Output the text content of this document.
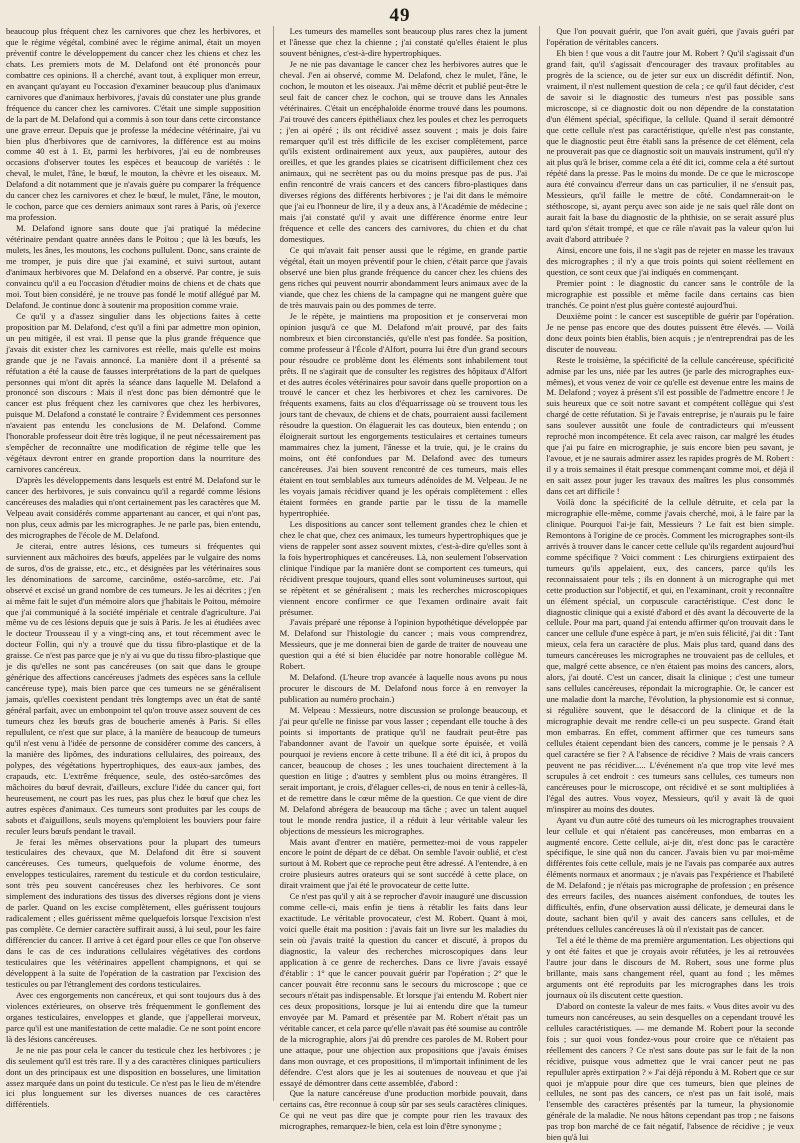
49

beaucoup plus fréquent chez les carnivores que chez les herbivores, et que le régime végétal, combiné avec le régime animal, était un moyen préventif contre le développement du cancer chez les chiens et chez les chats. Les premiers mots de M. Delafond ont été prononcés pour combattre ces opinions. Il a cherché, avant tout, à expliquer mon erreur, en avançant qu'ayant eu l'occasion d'examiner beaucoup plus d'animaux carnivores que d'animaux herbivores, j'avais dû constater une plus grande fréquence du cancer chez les carnivores. C'était une simple supposition de la part de M. Delafond qui a commis à son tour dans cette circonstance une grave erreur. Depuis que je professe la médecine vétérinaire, j'ai vu bien plus d'herbivores que de carnivores, la différence est au moins comme 40 est à 1. Et, parmi les herbivores, j'ai eu de nombreuses occasions d'observer toutes les espèces et beaucoup de variétés : le cheval, le mulet, l'âne, le bœuf, le mouton, la chèvre et les oiseaux. M. Delafond a dit notamment que je n'avais guère pu comparer la fréquence du cancer chez les carnivores et chez le bœuf, le mulet, l'âne, le mouton, le cochon, parce que ces derniers animaux sont rares à Paris, où j'exerce ma profession.

M. Delafond ignore sans doute que j'ai pratiqué la médecine vétérinaire pendant quatre années dans le Poitou ; que là les bœufs, les mulets, les ânes, les moutons, les cochons pullulent. Donc, sans crainte de me tromper, je puis dire que j'ai examiné, et suivi surtout, autant d'animaux herbivores que M. Delafond en a observé. Par contre, je suis convaincu qu'il a eu l'occasion d'étudier moins de chiens et de chats que moi. Tout bien considéré, je ne trouve pas fondé le motif allégué par M. Delafond. Je continue donc à soutenir ma proposition comme vraie.

Ce qu'il y a d'assez singulier dans les objections faites à cette proposition par M. Delafond, c'est qu'il a fini par admettre mon opinion, un peu mitigée, il est vrai. Il pense que la plus grande fréquence que j'avais dit exister chez les carnivores est réelle, mais qu'elle est moins grande que je ne l'avais annoncé. La manière dont il a présenté sa réfutation a été la cause de fausses interprétations de la part de quelques personnes qui m'ont dit après la séance dans laquelle M. Delafond a prononcé son discours : Mais il n'est donc pas bien démontré que le cancer est plus fréquent chez les carnivores que chez les herbivores, puisque M. Delafond a constaté le contraire ? Évidemment ces personnes n'avaient pas entendu les conclusions de M. Delafond. Comme l'honorable professeur doit être très logique, il ne peut nécessairement pas s'empêcher de reconnaître une modification de régime telle que les végétaux devront entrer en grande proportion dans la nourriture des carnivores cancéreux.

D'après les développements dans lesquels est entré M. Delafond sur le cancer des herbivores, je suis convaincu qu'il a regardé comme lésions cancéreuses des maladies qui n'ont certainement pas les caractères que M. Velpeau avait considérés comme appartenant au cancer, et qui n'ont pas, non plus, ceux admis par les micrographes. Je ne parle pas, bien entendu, des micrographes de l'école de M. Delafond.

Je citerai, entre autres lésions, ces tumeurs si fréquentes qui surviennent aux mâchoires des bœufs, appelées par le vulgaire des noms de suros, d'os de graisse, etc., etc., et désignées par les vétérinaires sous les dénominations de sarcome, carcinôme, ostéo-sarcôme, etc. J'ai observé et excisé un grand nombre de ces tumeurs. Je les ai décrites ; j'en ai même fait le sujet d'un mémoire alors que j'habitais le Poitou, mémoire que j'ai communiqué à la société impériale et centrale d'agriculture. J'ai même vu de ces lésions depuis que je suis à Paris. Je les ai étudiées avec le docteur Trousseau il y a vingt-cinq ans, et tout récemment avec le docteur Follin, qui n'y a trouvé que du tissu fibro-plastique et de la graisse. Ce n'est pas parce que je n'y ai vu que du tissu fibro-plastique que je dis qu'elles ne sont pas cancéreuses (on sait que dans le groupe générique des affections cancéreuses j'admets des espèces sans la cellule cancéreuse type), mais bien parce que ces tumeurs ne se généralisent jamais, qu'elles coexistent pendant très longtemps avec un état de santé général parfait, avec un embonpoint tel qu'on trouve assez souvent de ces tumeurs chez les bœufs gras de boucherie amenés à Paris. Si elles repullulent, ce n'est que sur place, à la manière de beaucoup de tumeurs qu'il n'est venu à l'idée de personne de considérer comme des cancers, à la manière des lipômes, des indurations cellulaires, des poireaux, des polypes, des végétations hypertrophiques, des eaux-aux jambes, des crapauds, etc. L'extrême fréquence, seule, des ostéo-sarcômes des mâchoires du bœuf devrait, d'ailleurs, exclure l'idée du cancer qui, fort heureusement, ne court pas les rues, pas plus chez le bœuf que chez les autres espèces d'animaux. Ces tumeurs sont produites par les coups de sabots et d'aiguillons, seuls moyens qu'emploient les bouviers pour faire reculer leurs bœufs pendant le travail.

Je ferai les mêmes observations pour la plupart des tumeurs testiculaires des chevaux, que M. Delafond dit être si souvent cancéreuses. Ces tumeurs, quelquefois de volume énorme, des enveloppes testiculaires, rarement du testicule et du cordon testiculaire, sont très peu souvent cancéreuses chez les herbivores. Ce sont simplement des indurations des tissus des diverses régions dont je viens de parler. Quand on les excise complètement, elles guérissent toujours radicalement ; elles guérissent même quelquefois lorsque l'excision n'est pas complète. Ce dernier caractère suffirait aussi, à lui seul, pour les faire différencier du cancer. Il arrive à cet égard pour elles ce que l'on observe dans le cas de ces indurations cellulaires végétatives des cordons testiculaires que les vétérinaires appellent champignons, et qui se développent à la suite de l'opération de la castration par l'excision des testicules ou par l'étranglement des cordons testiculaires.

Avec ces engorgements non cancéreux, et qui sont toujours dus à des violences extérieures, on observe très fréquemment le gonflement des organes testiculaires, enveloppes et glande, que j'appellerai morveux, parce qu'il est une manifestation de cette maladie. Ce ne sont point encore là des lésions cancéreuses.

Je ne nie pas pour cela le cancer du testicule chez les herbivores ; je dis seulement qu'il est très rare. Il y a des caractères cliniques particuliers dont un des principaux est une disposition en bosselures, une limitation assez marquée dans un point du testicule. Ce n'est pas le lieu de m'étendre ici plus longuement sur les diverses nuances de ces caractères différentiels.

Les tumeurs des mamelles sont beaucoup plus rares chez la jument et l'ânesse que chez la chienne ; j'ai constaté qu'elles étaient le plus souvent bénignes, c'est-à-dire hypertrophiques.

Je ne nie pas davantage le cancer chez les herbivores autres que le cheval. J'en ai observé, comme M. Delafond, chez le mulet, l'âne, le cochon, le mouton et les oiseaux. J'ai même décrit et publié peut-être le seul fait de cancer chez le cochon, qui se trouve dans les Annales vétérinaires. C'était un encéphaloïde énorme trouvé dans les poumons. J'ai trouvé des cancers épithéliaux chez les poules et chez les perroquets ; j'en ai opéré ; ils ont récidivé assez souvent ; mais je dois faire remarquer qu'il est très difficile de les exciser complètement, parce qu'ils existent ordinairement aux yeux, aux paupières, autour des oreilles, et que les grandes plaies se cicatrisent difficilement chez ces animaux, qui ne secrètent pas ou du moins presque pas de pus. J'ai enfin rencontré de vrais cancers et des cancers fibro-plastiques dans diverses régions des différents herbivores ; je l'ai dit dans le mémoire que j'ai eu l'honneur de lire, il y a deux ans, à l'Académie de médecine ; mais j'ai constaté qu'il y avait une différence énorme entre leur fréquence et celle des cancers des carnivores, du chien et du chat domestiques.

Ce qui m'avait fait penser aussi que le régime, en grande partie végétal, était un moyen préventif pour le chien, c'était parce que j'avais observé une bien plus grande fréquence du cancer chez les chiens des gens riches qui peuvent nourrir abondamment leurs animaux avec de la viande, que chez les chiens de la campagne qui ne mangent guère que de très mauvais pain ou des pommes de terre.

Je le répète, je maintiens ma proposition et je conserverai mon opinion jusqu'à ce que M. Delafond m'ait prouvé, par des faits nombreux et bien circonstanciés, qu'elle n'est pas fondée. Sa position, comme professeur à l'École d'Alfort, pourra lui être d'un grand secours pour résoudre ce problème dont les éléments sont inhabilement tout prêts. Il ne s'agirait que de consulter les registres des hôpitaux d'Alfort et des autres écoles vétérinaires pour savoir dans quelle proportion on a trouvé le cancer et chez les herbivores et chez les carnivores. De fréquents examens, faits au clos d'équarrissage où se trouvent tous les jours tant de chevaux, de chiens et de chats, pourraient aussi facilement résoudre la question. On élaguerait les cas douteux, bien entendu ; on éloignerait surtout les engorgements testiculaires et certaines tumeurs mammaires chez la jument, l'ânesse et la truie, qui, je le crains du moins, ont été confondues par M. Delafond avec des tumeurs cancéreuses. J'ai bien souvent rencontré de ces tumeurs, mais elles étaient en tout semblables aux tumeurs adénoïdes de M. Velpeau. Je ne les voyais jamais récidiver quand je les opérais complètement : elles étaient formées en grande partie par le tissu de la mamelle hypertrophiée.

Les dispositions au cancer sont tellement grandes chez le chien et chez le chat que, chez ces animaux, les tumeurs hypertrophiques que je viens de rappeler sont assez souvent mixtes, c'est-à-dire qu'elles sont à la fois hypertrophiques et cancéreuses. Là, non seulement l'observation clinique l'indique par la manière dont se comportent ces tumeurs, qui récidivent presque toujours, quand elles sont volumineuses surtout, qui se répètent et se généralisent ; mais les recherches microscopiques viennent encore confirmer ce que l'examen ordinaire avait fait présumer.

J'avais préparé une réponse à l'opinion hypothétique développée par M. Delafond sur l'histologie du cancer ; mais vous comprendrez, Messieurs, que je me donnerai bien de garde de traiter de nouveau une question qui a été si bien élucidée par notre honorable collègue M. Robert.

M. Delafond. (L'heure trop avancée à laquelle nous avons pu nous procurer le discours de M. Delafond nous force à en renvoyer la publication au numéro prochain.)

M. Velpeau : Messieurs, notre discussion se prolonge beaucoup, et j'ai peur qu'elle ne finisse par vous lasser ; cependant elle touche à des points si importants de pratique qu'il ne faudrait peut-être pas l'abandonner avant de l'avoir un quelque sorte épuisée, et voilà pourquoi je reviens encore à cette tribune. Il a été dit ici, à propos du cancer, beaucoup de choses ; les unes touchaient directement à la question en litige ; d'autres y semblent plus ou moins étrangères. Il serait important, je crois, d'élaguer celles-ci, de nous en tenir à celles-là, et de remettre dans le cœur même de la question. Ce que vient de dire M. Delafond abrégera de beaucoup ma tâche ; avec un talent auquel tout le monde rendra justice, il a réduit à leur véritable valeur les objections de messieurs les micrographes.

Mais avant d'entrer en matière, permettez-moi de vous rappeler encore le point de départ de ce débat. On semble l'avoir oublié, et c'est surtout à M. Robert que ce reproche peut être adressé. A l'entendre, à en croire plusieurs autres orateurs qui se sont succédé à cette place, on dirait vraiment que j'ai été le provocateur de cette lutte.

Ce n'est pas qu'il y ait à se reprocher d'avoir inauguré une discussion comme celle-ci, mais enfin je tiens à rétablir les faits dans leur exactitude. Le véritable provocateur, c'est M. Robert. Quant à moi, voici quelle était ma position : j'avais fait un livre sur les maladies du sein où j'avais traité la question du cancer et discuté, à propos du diagnostic, la valeur des recherches microscopiques dans leur application à ce genre de recherches. Dans ce livre j'avais essayé d'établir : 1° que le cancer pouvait guérir par l'opération ; 2° que le cancer pouvait être reconnu sans le secours du microscope ; que ce secours n'était pas indispensable. Et lorsque j'ai entendu M. Robert nier ces deux propositions, lorsque je lui ai entendu dire que la tumeur envoyée par M. Pamard et présentée par M. Robert n'était pas un véritable cancer, et cela parce qu'elle n'avait pas été soumise au contrôle de la micrographie, alors j'ai dû prendre ces paroles de M. Robert pour une attaque, pour une objection aux propositions que j'avais émises dans mon ouvrage, et ces propositions, il m'importait infiniment de les défendre. C'est alors que je les ai soutenues de nouveau et que j'ai essayé de démontrer dans cette assemblée, d'abord :

Que la nature cancéreuse d'une production morbide pouvait, dans certains cas, être reconnue à coup sûr par ses seuls caractères cliniques. Ce qui ne veut pas dire que je compte pour rien les travaux des micrographes, remarquez-le bien, cela est loin d'être synonyme ;

Que l'on pouvait guérir, que l'on avait guéri, que j'avais guéri par l'opération de véritables cancers.

Eh bien ! que vous a dit l'autre jour M. Robert ? Qu'il s'agissait d'un grand fait, qu'il s'agissait d'encourager des travaux profitables au progrès de la science, ou de jeter sur eux un discrédit défintif. Non, vraiment, il n'est nullement question de cela ; ce qu'il faut décider, c'est de savoir si le diagnostic des tumeurs n'est pas possible sans microscope, si ce diagnostic doit ou non dépendre de la constatation d'un élément spécial, spécifique, la cellule. Quand il serait démontré que cette cellule n'est pas caractéristique, qu'elle n'est pas constante, que le diagnostic peut être établi sans la présence de cet élément, cela ne prouverait pas que ce diagnostic soit un mauvais instrument, qu'il n'y ait plus qu'à le briser, comme cela a été dit ici, comme cela a été surtout répété dans la presse. Pas le moins du monde. De ce que le microscope aura été convaincu d'erreur dans un cas particulier, il ne s'ensuit pas, Messieurs, qu'il faille le mettre de côté. Condamnerait-on le stéthoscope, si, ayant perçu avec son aide je ne sais quel râle dont on aurait fait la base du diagnostic de la phthisie, on se serait assuré plus tard qu'on s'était trompé, et que ce râle n'avait pas la valeur qu'on lui avait d'abord attribuée ?

Ainsi, encore une fois, il ne s'agit pas de rejeter en masse les travaux des micrographes ; il n'y a que trois points qui soient réellement en question, ce sont ceux que j'ai indiqués en commençant.

Premier point : le diagnostic du cancer sans le contrôle de la micrographie est possible et même facile dans certains cas bien tranchés. Ce point n'est plus guère contesté aujourd'hui.

Deuxième point : le cancer est susceptible de guérir par l'opération. Je ne pense pas encore que des doutes puissent être élevés. — Voilà donc deux points bien établis, bien acquis ; je n'entreprendrai pas de les discuter de nouveau.

Reste le troisième, la spécificité de la cellule cancéreuse, spécificité admise par les uns, niée par les autres (je parle des micrographes eux-mêmes), et vous venez de voir ce qu'elle est devenue entre les mains de M. Delafond ; voyez à présent s'il est possible de l'admettre encore ! Je suis heureux que ce soit notre savant et compétent collègue qui s'est chargé de cette réfutation. Si je l'avais entreprise, je n'aurais pu le faire sans soulever aussitôt une foule de contradicteurs qui m'eussent reproché mon incompétence. Et cela avec raison, car malgré les études que j'ai pu faire en micrographie, je suis encore bien peu savant, je l'avoue, et je ne saurais admirer assez les rapides progrès de M. Robert : il y a trois semaines il était presque commençant comme moi, et déjà il en sait assez pour juger les travaux des maîtres les plus consommés dans cet art difficile !

Voilà donc la spécificité de la cellule détruite, et cela par la micrographie elle-même, comme j'avais cherché, moi, à le faire par la clinique. Pourquoi l'ai-je fait, Messieurs ? Le fait est bien simple. Remontons à l'origine de ce procès. Comment les micrographes sont-ils arrivés à trouver dans le cancer cette cellule qu'ils regardent aujourd'hui comme spécifique ? Voici comment : Les chirurgiens extirpaient des tumeurs qu'ils appelaient, eux, des cancers, parce qu'ils les reconnaissaient pour tels ; ils en donnent à un micrographe qui met cette production sur l'objectif, et qui, en l'examinant, croit y reconnaître un élément spécial, un corpuscule caractéristique. C'est donc le diagnostic clinique qui a existé d'abord et dès avant la découverte de la cellule. Pour ma part, quand j'ai entendu affirmer qu'on trouvait dans le cancer une cellule d'une espèce à part, je m'en suis félicité, j'ai dit : Tant mieux, cela fera un caractère de plus. Mais plus tard, quand dans des tumeurs cancéreuses les micrographes ne trouvaient pas de cellules, et que, malgré cette absence, ce n'en étaient pas moins des cancers, alors, alors, j'ai douté. C'est un cancer, disait la clinique ; c'est une tumeur sans cellules cancéreuses, répondait la micrographie. Or, le cancer est une maladie dont la marche, l'évolution, la physionomie est si connue, si régulière souvent, que le désaccord de la clinique et de la micrographie devait me rendre celle-ci un peu suspecte. Grand était mon embarras. En effet, comment affirmer que ces tumeurs sans cellules étaient cependant bien des cancers, comme je le pensais ? A quel caractère se fier ? A l'absence de récidive ? Mais de vrais cancers peuvent ne pas récidiver..... L'événement n'a que trop vite levé mes scrupules à cet endroit : ces tumeurs sans cellules, ces tumeurs non cancéreuses pour le microscope, ont récidivé et se sont multipliées à l'égal des autres. Vous voyez, Messieurs, qu'il y avait là de quoi m'inspirer au moins des doutes.

Ayant vu d'un autre côté des tumeurs où les micrographes trouvaient leur cellule et qui n'étaient pas cancéreuses, mon embarras en a augmenté encore. Cette cellule, ai-je dit, n'est donc pas le caractère spécifique, le sine quâ non du cancer. J'avais bien vu par moi-même différentes fois cette cellule, mais je ne l'avais pas comparée aux autres éléments normaux et anormaux ; je n'avais pas l'expérience et l'habileté de M. Delafond ; je n'étais pas micrographe de profession ; en présence des erreurs faciles, des nuances aisément confondues, de toutes les difficultés, enfin, d'une observation aussi délicate, je demeurai dans le doute, sachant bien qu'il y avait des cancers sans cellules, et de prétendues cellules cancéreuses là où il n'existait pas de cancer.

Tel a été le thème de ma première argumentation. Les objections qui y ont été faites et que je croyais avoir réfutées, je les ai retrouvées l'autre jour dans le discours de M. Robert, sous une forme plus brillante, mais sans changement réel, quant au fond ; les mêmes arguments ont été reproduits par les micrographes dans les trois journaux où ils discutent cette question.

D'abord on conteste la valeur de mes faits. « Vous dites avoir vu des tumeurs non cancéreuses, au sein desquelles on a cependant trouvé les cellules caractéristiques. — me demande M. Robert pour la seconde fois ; sur quoi vous fondez-vous pour croire que ce n'étaient pas réellement des cancers ? Ce n'est sans doute pas sur le fait de la non récidive, puisque vous admettez que le vrai cancer peut ne pas repulluler après extirpation ? » J'ai déjà répondu à M. Robert que ce sur quoi je m'appuie pour dire que ces tumeurs, bien que pleines de cellules, ne sont pas des cancers, ce n'est pas un fait isolé, mais l'ensemble des caractères présentés par la tumeur, la physionomie générale de la maladie. Ne nous hâtons cependant pas trop ; ne faisons pas trop bon marché de ce fait négatif, l'absence de récidive ; je veux bien qu'à lui
